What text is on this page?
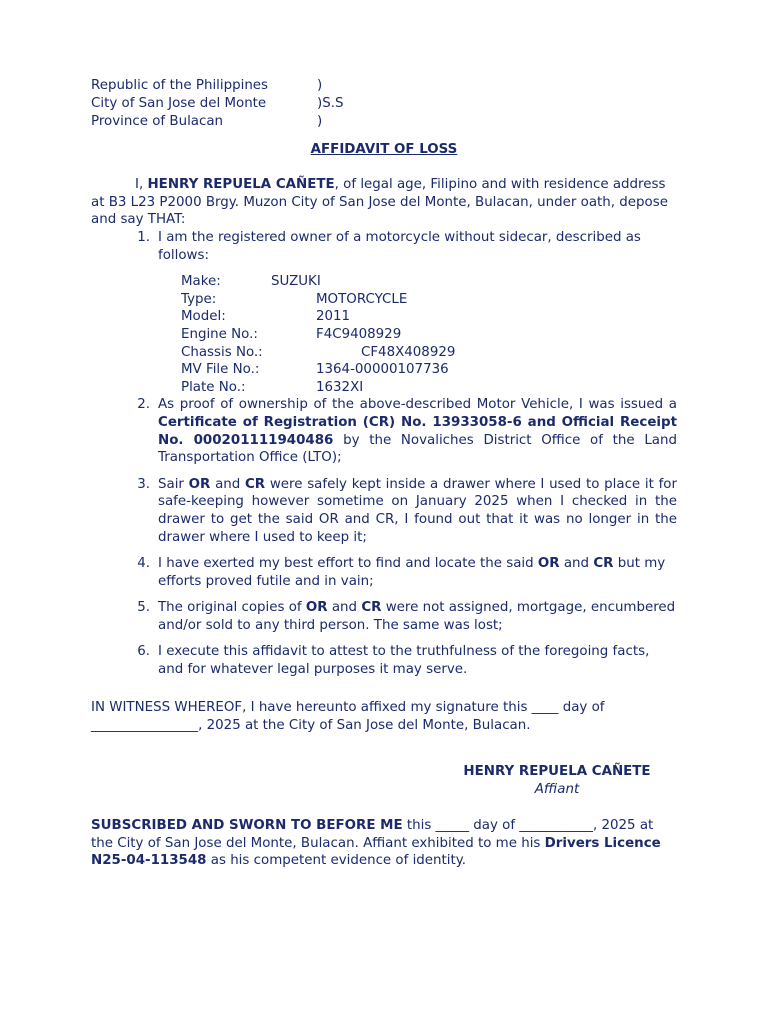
Republic of the Philippines	)
City of San Jose del Monte	)S.S
Province of Bulacan	)
AFFIDAVIT OF LOSS
I, HENRY REPUELA CAÑETE, of legal age, Filipino and with residence address at B3 L23 P2000 Brgy. Muzon City of San Jose del Monte, Bulacan, under oath, depose and say THAT:
1 . I am the registered owner of a motorcycle without sidecar, described as follows:
Make:	SUZUKI
Type:	MOTORCYCLE
Model:	2011
Engine No.:	F4C9408929
Chassis No.:	CF48X408929
MV File No.:	1364-00000107736
Plate No.:	1632XI
2 . As proof of ownership of the above-described Motor Vehicle, I was issued a Certificate of Registration (CR) No. 13933058-6 and Official Receipt No. 000201111940486 by the Novaliches District Office of the Land Transportation Office (LTO);
3 . Sair OR and CR were safely kept inside a drawer where I used to place it for safe-keeping however sometime on January 2025 when I checked in the drawer to get the said OR and CR, I found out that it was no longer in the drawer where I used to keep it;
4 . I have exerted my best effort to find and locate the said OR and CR but my efforts proved futile and in vain;
5 . The original copies of OR and CR were not assigned, mortgage, encumbered and/or sold to any third person. The same was lost;
6 . I execute this affidavit to attest to the truthfulness of the foregoing facts, and for whatever legal purposes it may serve.
IN WITNESS WHEREOF, I have hereunto affixed my signature this ____ day of ________________, 2025 at the City of San Jose del Monte, Bulacan.
HENRY REPUELA CAÑETE
Affiant
SUBSCRIBED AND SWORN TO BEFORE ME this _____ day of ___________, 2025 at the City of San Jose del Monte, Bulacan. Affiant exhibited to me his Drivers Licence N25-04-113548 as his competent evidence of identity.
